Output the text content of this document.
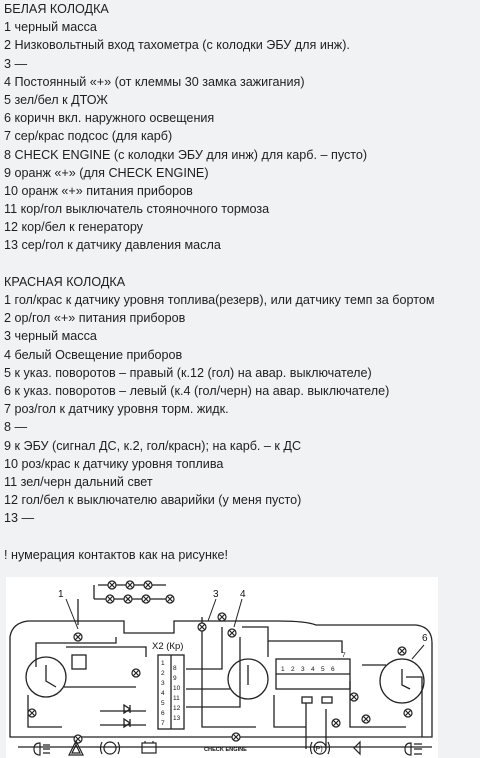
БЕЛАЯ КОЛОДКА
1 черный масса
2 Низковольтный вход тахометра (с колодки ЭБУ для инж).
3 —
4 Постоянный «+» (от клеммы 30 замка зажигания)
5 зел/бел к ДТОЖ
6 коричн вкл. наружного освещения
7 сер/крас подсос (для карб)
8 CHECK ENGINE (с колодки ЭБУ для инж) для карб. – пусто)
9 оранж «+» (для CHECK ENGINE)
10 оранж «+» питания приборов
11 кор/гол выключатель стояночного тормоза
12 кор/бел к генератору
13 сер/гол к датчику давления масла
КРАСНАЯ КОЛОДКА
1 гол/крас к датчику уровня топлива(резерв), или датчику темп за бортом
2 ор/гол «+» питания приборов
3 черный масса
4 белый Освещение приборов
5 к указ. поворотов – правый (к.12 (гол) на авар. выключателе)
6 к указ. поворотов – левый (к.4 (гол/черн) на авар. выключателе)
7 роз/гол к датчику уровня торм. жидк.
8 —
9 к ЭБУ (сигнал ДС, к.2, гол/красн); на карб. – к ДС
10 роз/крас к датчику уровня топлива
11 зел/черн дальний свет
12 гол/бел к выключателю аварийки (у меня пусто)
13 —
! нумерация контактов как на рисунке!
1	3 4
6
X2 (Кр)
1
2
3
4
5
6
7
8
9
10
11
12
13
1 2 3 4 5 6
7
(P)
CHECK ENGINE
